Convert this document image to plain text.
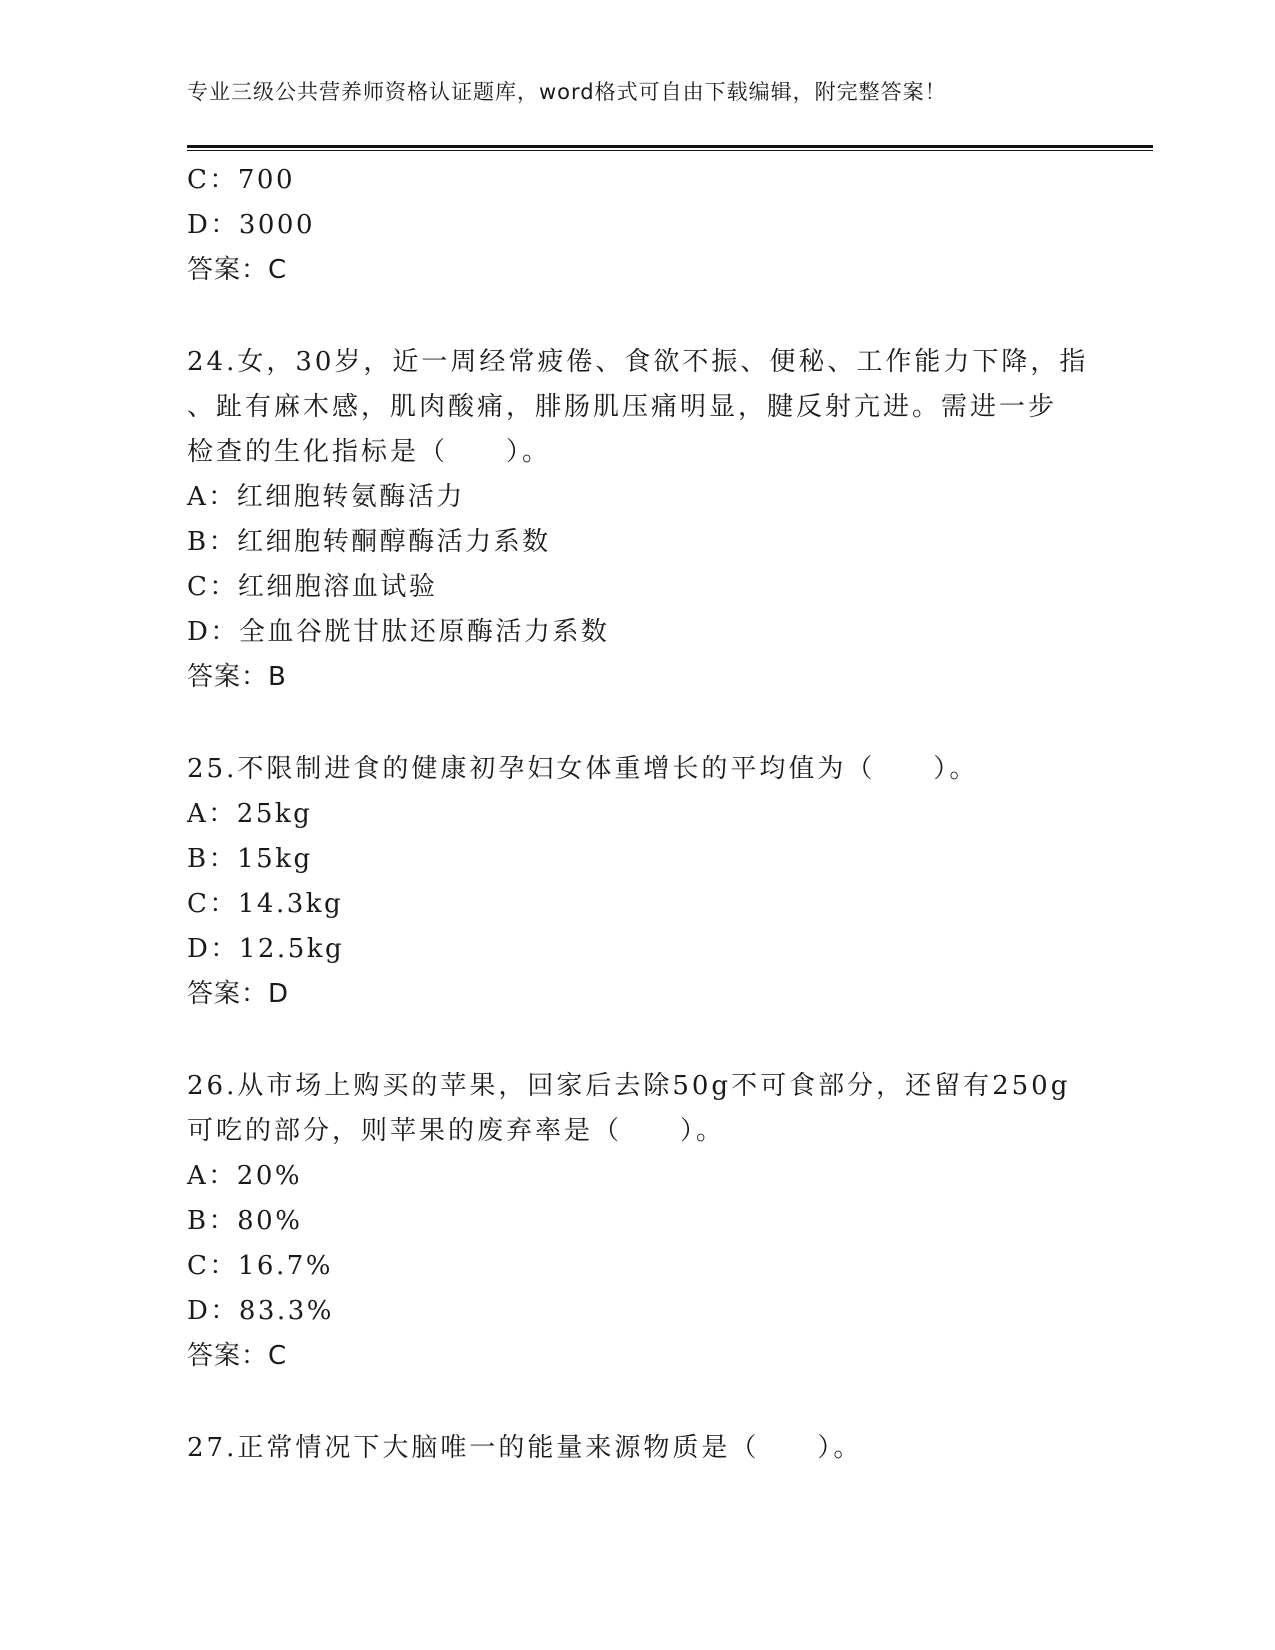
专业三级公共营养师资格认证题库，word格式可自由下载编辑，附完整答案！
C：700
D：3000
答案：C
24.女，30岁，近一周经常疲倦、食欲不振、便秘、工作能力下降，指
、趾有麻木感，肌肉酸痛，腓肠肌压痛明显，腱反射亢进。需进一步
检查的生化指标是（　　）。
A：红细胞转氨酶活力
B：红细胞转酮醇酶活力系数
C：红细胞溶血试验
D：全血谷胱甘肽还原酶活力系数
答案：B
25.不限制进食的健康初孕妇女体重增长的平均值为（　　）。
A：25kg
B：15kg
C：14.3kg
D：12.5kg
答案：D
26.从市场上购买的苹果，回家后去除50g不可食部分，还留有250g
可吃的部分，则苹果的废弃率是（　　）。
A：20%
B：80%
C：16.7%
D：83.3%
答案：C
27.正常情况下大脑唯一的能量来源物质是（　　）。
